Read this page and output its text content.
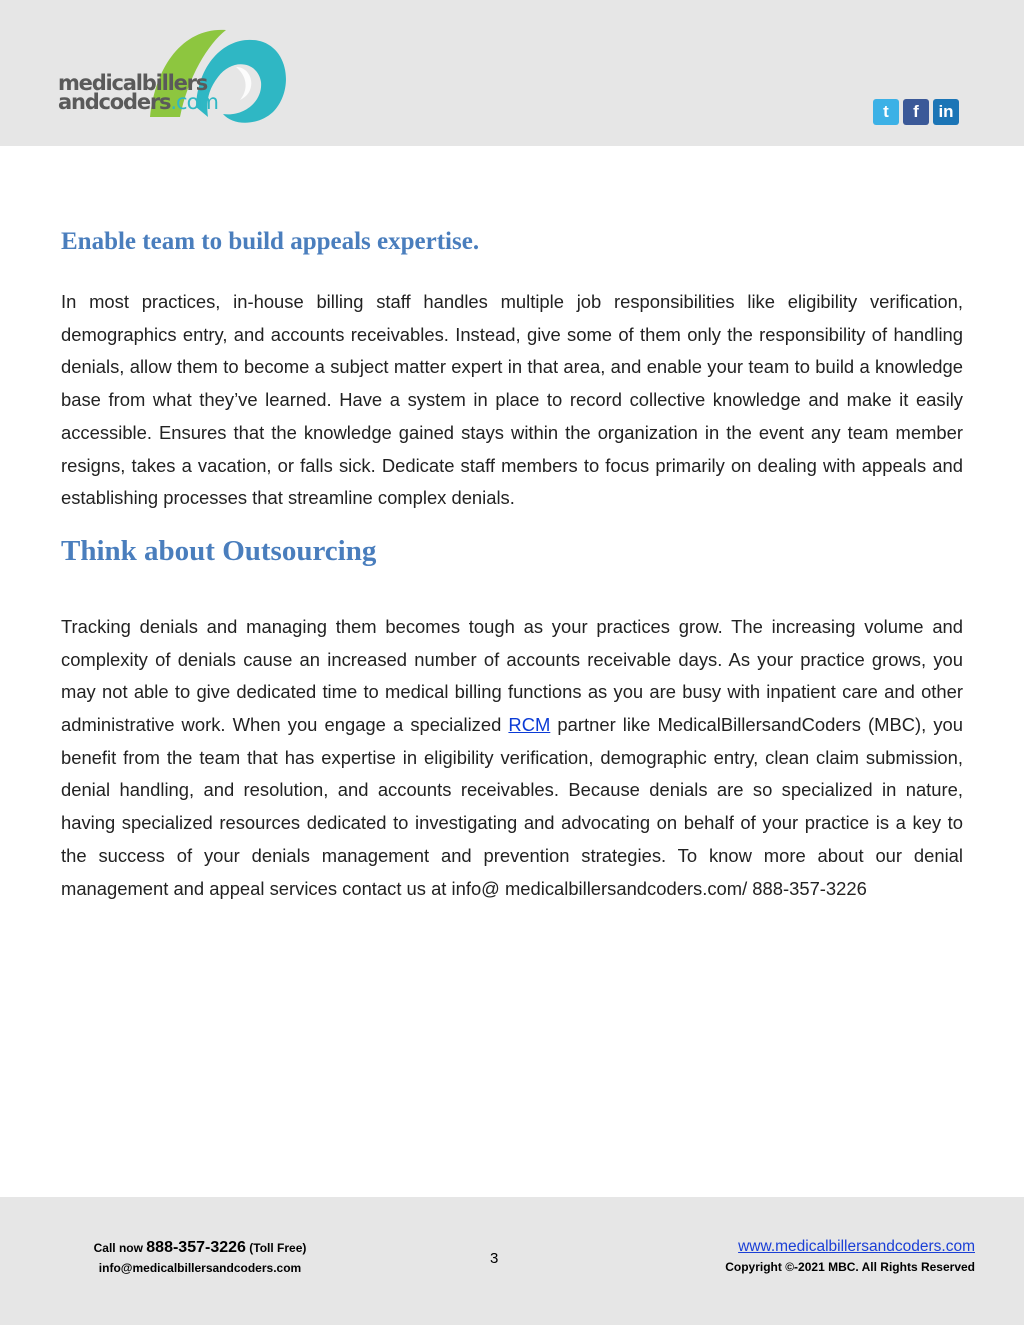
medicalbillers
andcoders.com	t	f	in
Enable team to build appeals expertise.

In most practices, in-house billing staff handles multiple job responsibilities like eligibility verification, demographics entry, and accounts receivables. Instead, give some of them only the responsibility of handling denials, allow them to become a subject matter expert in that area, and enable your team to build a knowledge base from what they’ve learned. Have a system in place to record collective knowledge and make it easily accessible. Ensures that the knowledge gained stays within the organization in the event any team member resigns, takes a vacation, or falls sick. Dedicate staff members to focus primarily on dealing with appeals and establishing processes that streamline complex denials.

Think about Outsourcing

Tracking denials and managing them becomes tough as your practices grow. The increasing volume and complexity of denials cause an increased number of accounts receivable days. As your practice grows, you may not able to give dedicated time to medical billing functions as you are busy with inpatient care and other administrative work. When you engage a specialized RCM partner like MedicalBillersandCoders (MBC), you benefit from the team that has expertise in eligibility verification, demographic entry, clean claim submission, denial handling, and resolution, and accounts receivables. Because denials are so specialized in nature, having specialized resources dedicated to investigating and advocating on behalf of your practice is a key to the success of your denials management and prevention strategies. To know more about our denial management and appeal services contact us at info@ medicalbillersandcoders.com/ 888-357-3226

Call now 888-357-3226 (Toll Free)
info@medicalbillersandcoders.com
3
www.medicalbillersandcoders.com
Copyright ©-2021 MBC. All Rights Reserved
